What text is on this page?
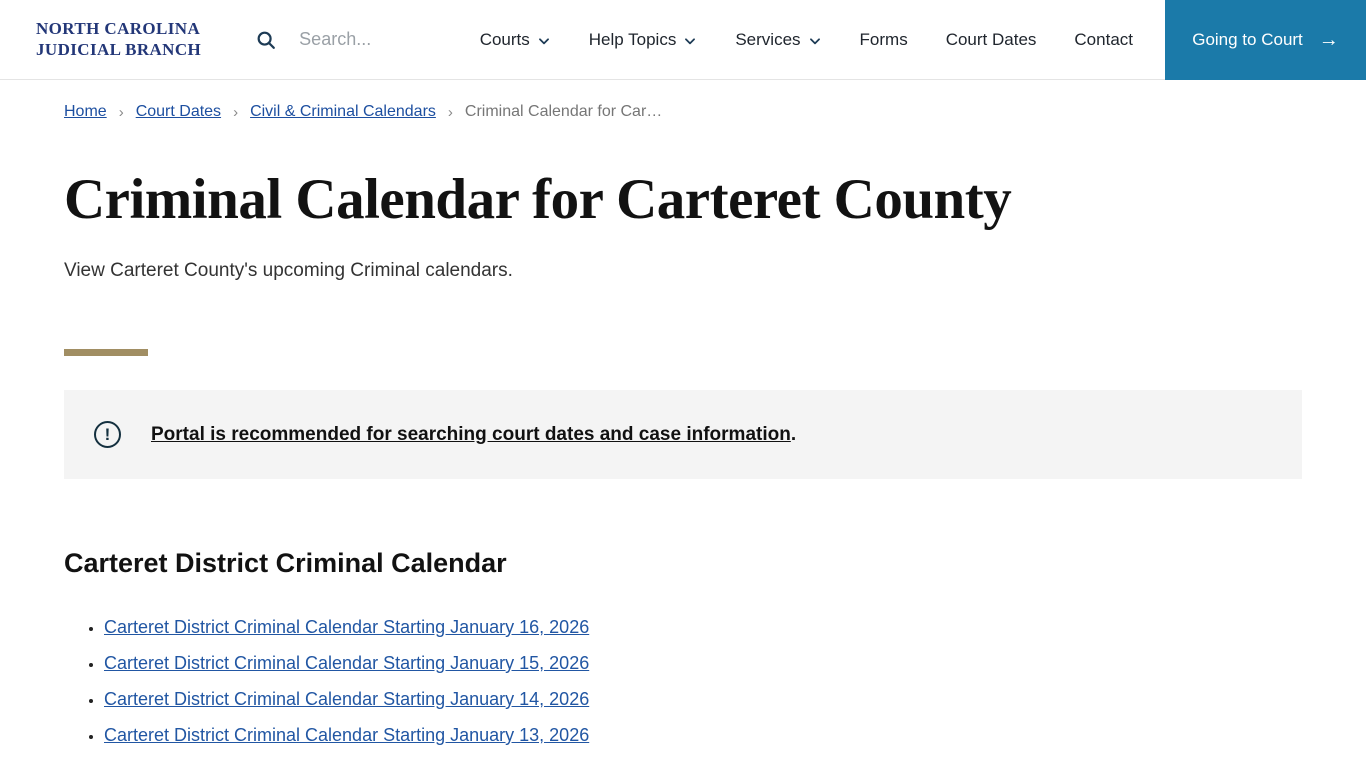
NORTH CAROLINA
JUDICIAL BRANCH
Search...
Courts	Help Topics	Services	Forms Court Dates Contact	Going to Court →
Home › Court Dates › Civil & Criminal Calendars › Criminal Calendar for Car…
Criminal Calendar for Carteret County

View Carteret County's upcoming Criminal calendars.

!	Portal is recommended for searching court dates and case information.

Carteret District Criminal Calendar
• Carteret District Criminal Calendar Starting January 16, 2026
• Carteret District Criminal Calendar Starting January 15, 2026
• Carteret District Criminal Calendar Starting January 14, 2026
• Carteret District Criminal Calendar Starting January 13, 2026
